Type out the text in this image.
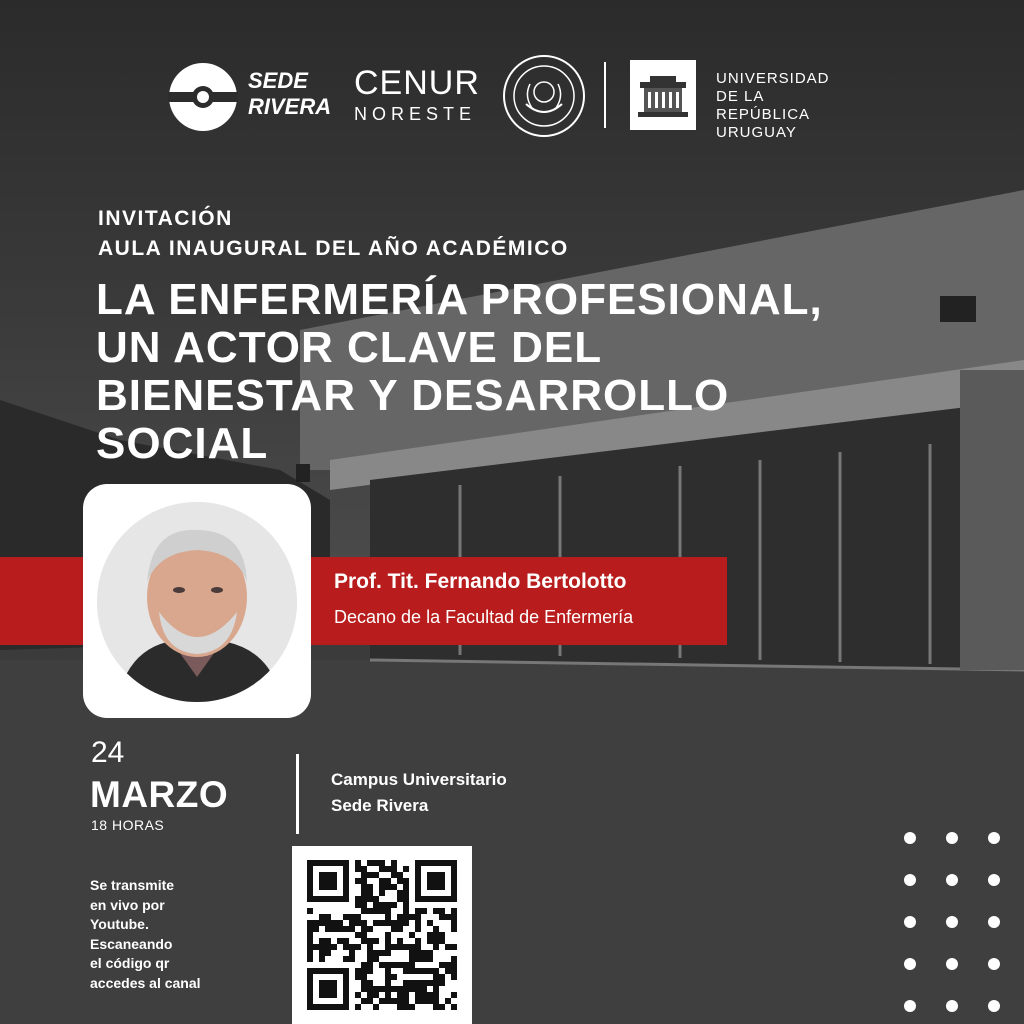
SEDE
RIVERA
CENUR
NORESTE
UNIVERSIDAD
DE LA REPÚBLICA
URUGUAY
INVITACIÓN
AULA INAUGURAL DEL AÑO ACADÉMICO
LA ENFERMERÍA PROFESIONAL,
UN ACTOR CLAVE DEL
BIENESTAR Y DESARROLLO
SOCIAL
Prof. Tit. Fernando Bertolotto
Decano de la Facultad de Enfermería
24
MARZO
18 HORAS
Campus Universitario
Sede Rivera
Se transmite
en vivo por
Youtube.
Escaneando
el código qr
accedes al canal
